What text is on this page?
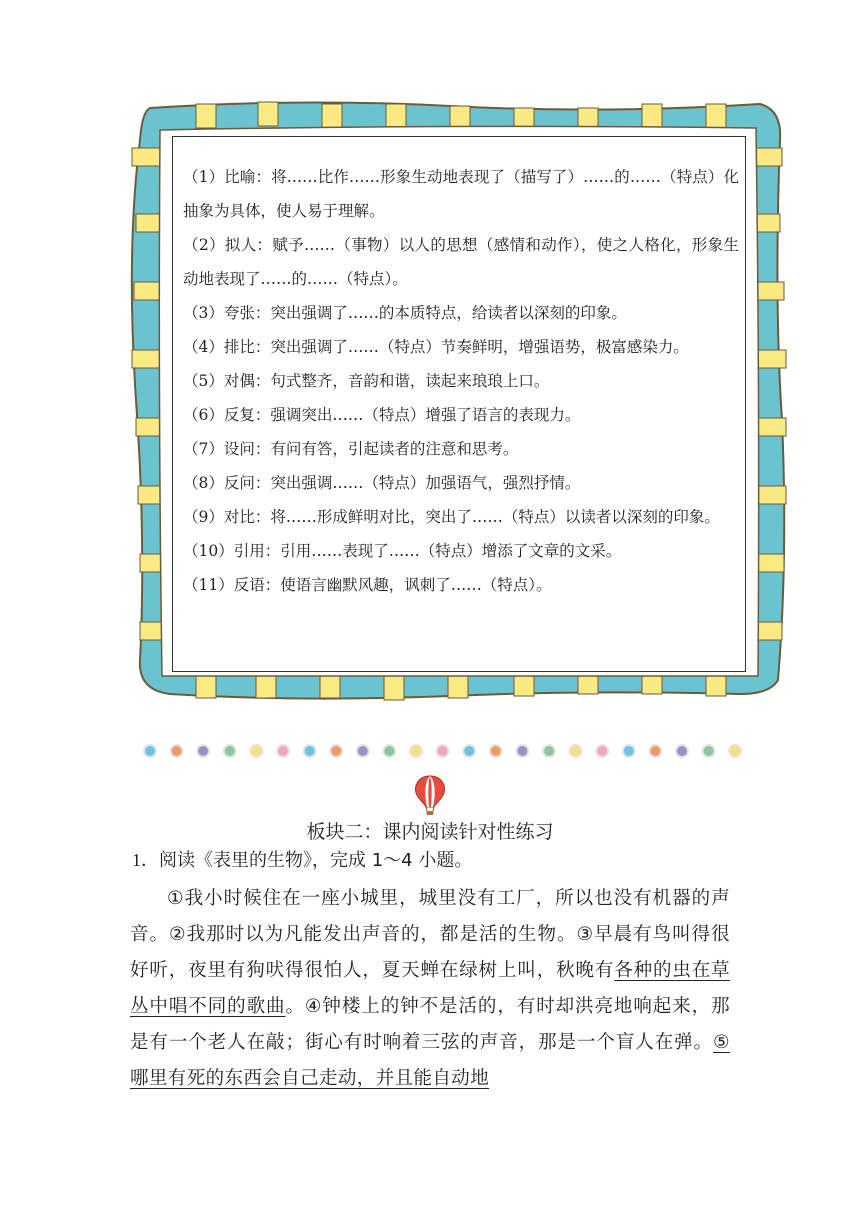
（1）比喻：将……比作……形象生动地表现了（描写了）……的……（特点）化抽象为具体，使人易于理解。

（2）拟人：赋予……（事物）以人的思想（感情和动作），使之人格化，形象生动地表现了……的……（特点）。

（3）夸张：突出强调了……的本质特点，给读者以深刻的印象。

（4）排比：突出强调了……（特点）节奏鲜明，增强语势，极富感染力。

（5）对偶：句式整齐，音韵和谐，读起来琅琅上口。

（6）反复：强调突出……（特点）增强了语言的表现力。

（7）设问：有问有答，引起读者的注意和思考。

（8）反问：突出强调……（特点）加强语气，强烈抒情。

（9）对比：将……形成鲜明对比，突出了……（特点）以读者以深刻的印象。

（10）引用：引用……表现了……（特点）增添了文章的文采。

（11）反语：使语言幽默风趣，讽刺了……（特点）。

板块二：课内阅读针对性练习

1．阅读《表里的生物》，完成 1～4 小题。

①我小时候住在一座小城里，城里没有工厂，所以也没有机器的声音。②我那时以为凡能发出声音的，都是活的生物。③早晨有鸟叫得很好听，夜里有狗吠得很怕人，夏天蝉在绿树上叫，秋晚有各种的虫在草丛中唱不同的歌曲。④钟楼上的钟不是活的，有时却洪亮地响起来，那是有一个老人在敲；街心有时响着三弦的声音，那是一个盲人在弹。⑤哪里有死的东西会自己走动，并且能自动地
